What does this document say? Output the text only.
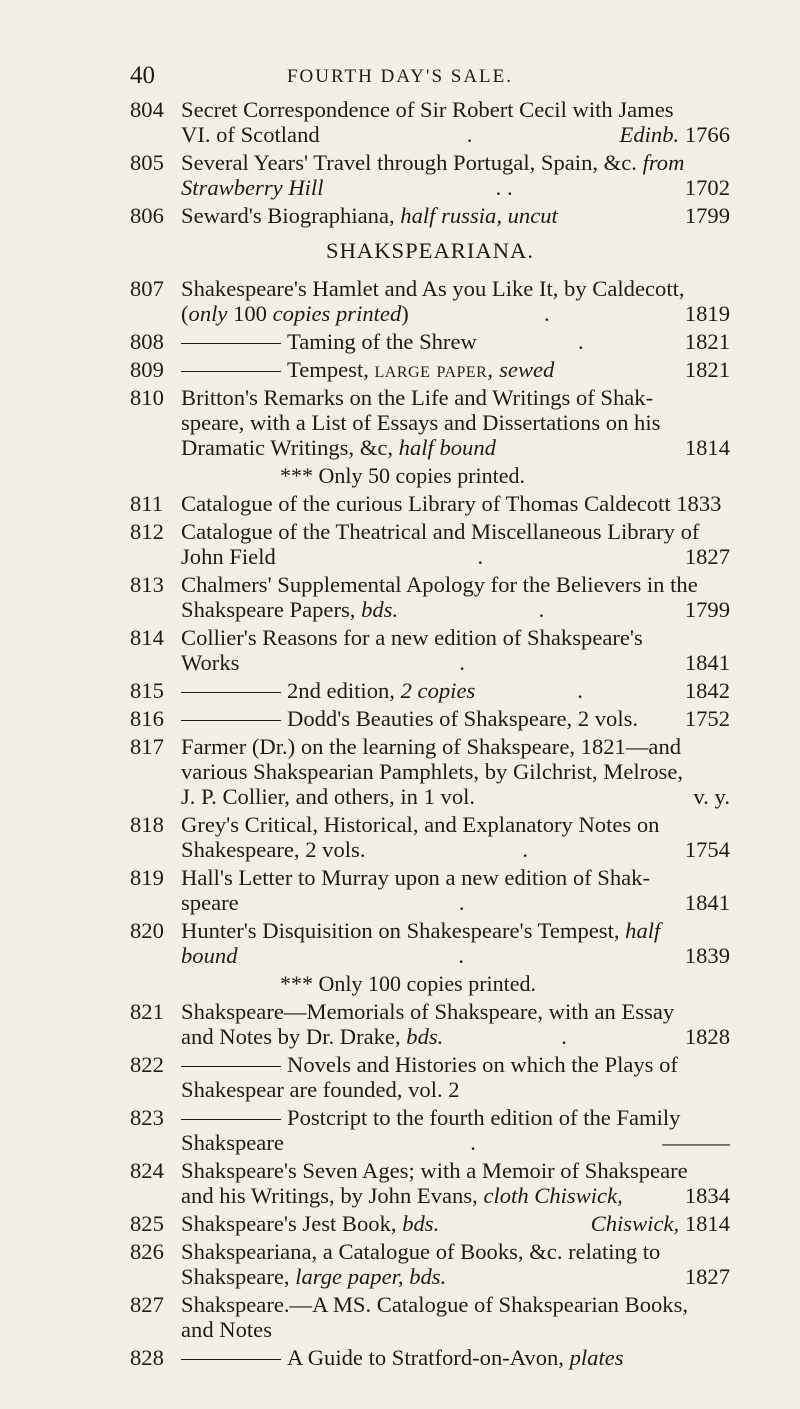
40	FOURTH DAY'S SALE.
804 Secret Correspondence of Sir Robert Cecil with James
VI. of Scotland	.	Edinb. 1766
805 Several Years' Travel through Portugal, Spain, &c. from
Strawberry Hill	. .	1702
806 Seward's Biographiana, half russia, uncut	1799
SHAKSPEARIANA.
807 Shakespeare's Hamlet and As you Like It, by Caldecott,
(only 100 copies printed)	.	1819
808	Taming of the Shrew	.	1821
809	Tempest, large paper, sewed	1821
810 Britton's Remarks on the Life and Writings of Shak-
speare, with a List of Essays and Dissertations on his
Dramatic Writings, &c, half bound	1814
*** Only 50 copies printed.
811 Catalogue of the curious Library of Thomas Caldecott 1833
812 Catalogue of the Theatrical and Miscellaneous Library of
John Field	.	1827
813 Chalmers' Supplemental Apology for the Believers in the
Shakspeare Papers, bds.	.	1799
814 Collier's Reasons for a new edition of Shakspeare's
Works	.	1841
815	2nd edition, 2 copies	.	1842
816	Dodd's Beauties of Shakspeare, 2 vols. 1752
817 Farmer (Dr.) on the learning of Shakspeare, 1821—and
various Shakspearian Pamphlets, by Gilchrist, Melrose,
J. P. Collier, and others, in 1 vol.	v. y.
818 Grey's Critical, Historical, and Explanatory Notes on
Shakespeare, 2 vols.	.	1754
819 Hall's Letter to Murray upon a new edition of Shak-
speare	.	1841
820 Hunter's Disquisition on Shakespeare's Tempest, half
bound	.	1839
*** Only 100 copies printed.
821 Shakspeare—Memorials of Shakspeare, with an Essay
and Notes by Dr. Drake, bds.	.	1828
822	Novels and Histories on which the Plays of
Shakespear are founded, vol. 2
823	Postcript to the fourth edition of the Family
Shakspeare	.	———
824 Shakspeare's Seven Ages; with a Memoir of Shakspeare
and his Writings, by John Evans, cloth Chiswick,	1834
825 Shakspeare's Jest Book, bds.	Chiswick, 1814
826 Shakspeariana, a Catalogue of Books, &c. relating to
Shakspeare, large paper, bds.	1827
827 Shakspeare.—A MS. Catalogue of Shakspearian Books,
and Notes
828	A Guide to Stratford-on-Avon, plates
